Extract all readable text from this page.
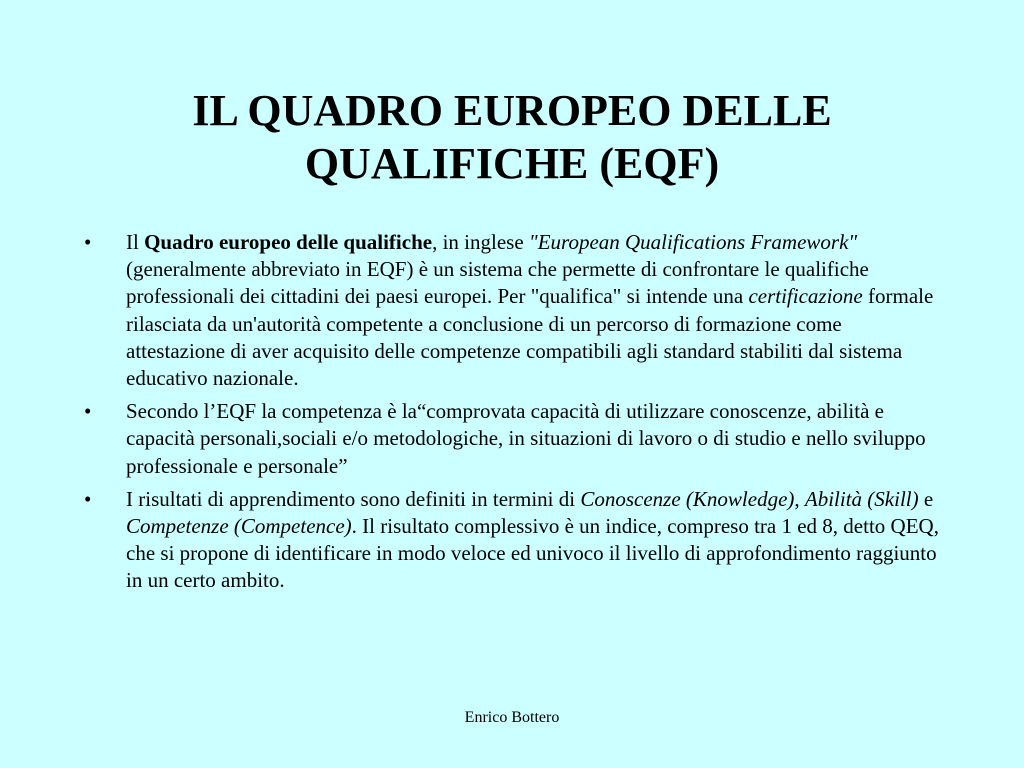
IL QUADRO EUROPEO DELLE
QUALIFICHE (EQF)
•	Il Quadro europeo delle qualifiche, in inglese "European Qualifications Framework" (generalmente abbreviato in EQF) è un sistema che permette di confrontare le qualifiche professionali dei cittadini dei paesi europei. Per "qualifica" si intende una certificazione formale rilasciata da un'autorità competente a conclusione di un percorso di formazione come attestazione di aver acquisito delle competenze compatibili agli standard stabiliti dal sistema educativo nazionale.
•	Secondo l’EQF la competenza è la“comprovata capacità di utilizzare conoscenze, abilità e capacità personali,sociali e/o metodologiche, in situazioni di lavoro o di studio e nello sviluppo professionale e personale”
•	I risultati di apprendimento sono definiti in termini di Conoscenze (Knowledge), Abilità (Skill) e Competenze (Competence). Il risultato complessivo è un indice, compreso tra 1 ed 8, detto QEQ, che si propone di identificare in modo veloce ed univoco il livello di approfondimento raggiunto in un certo ambito.
Enrico Bottero
